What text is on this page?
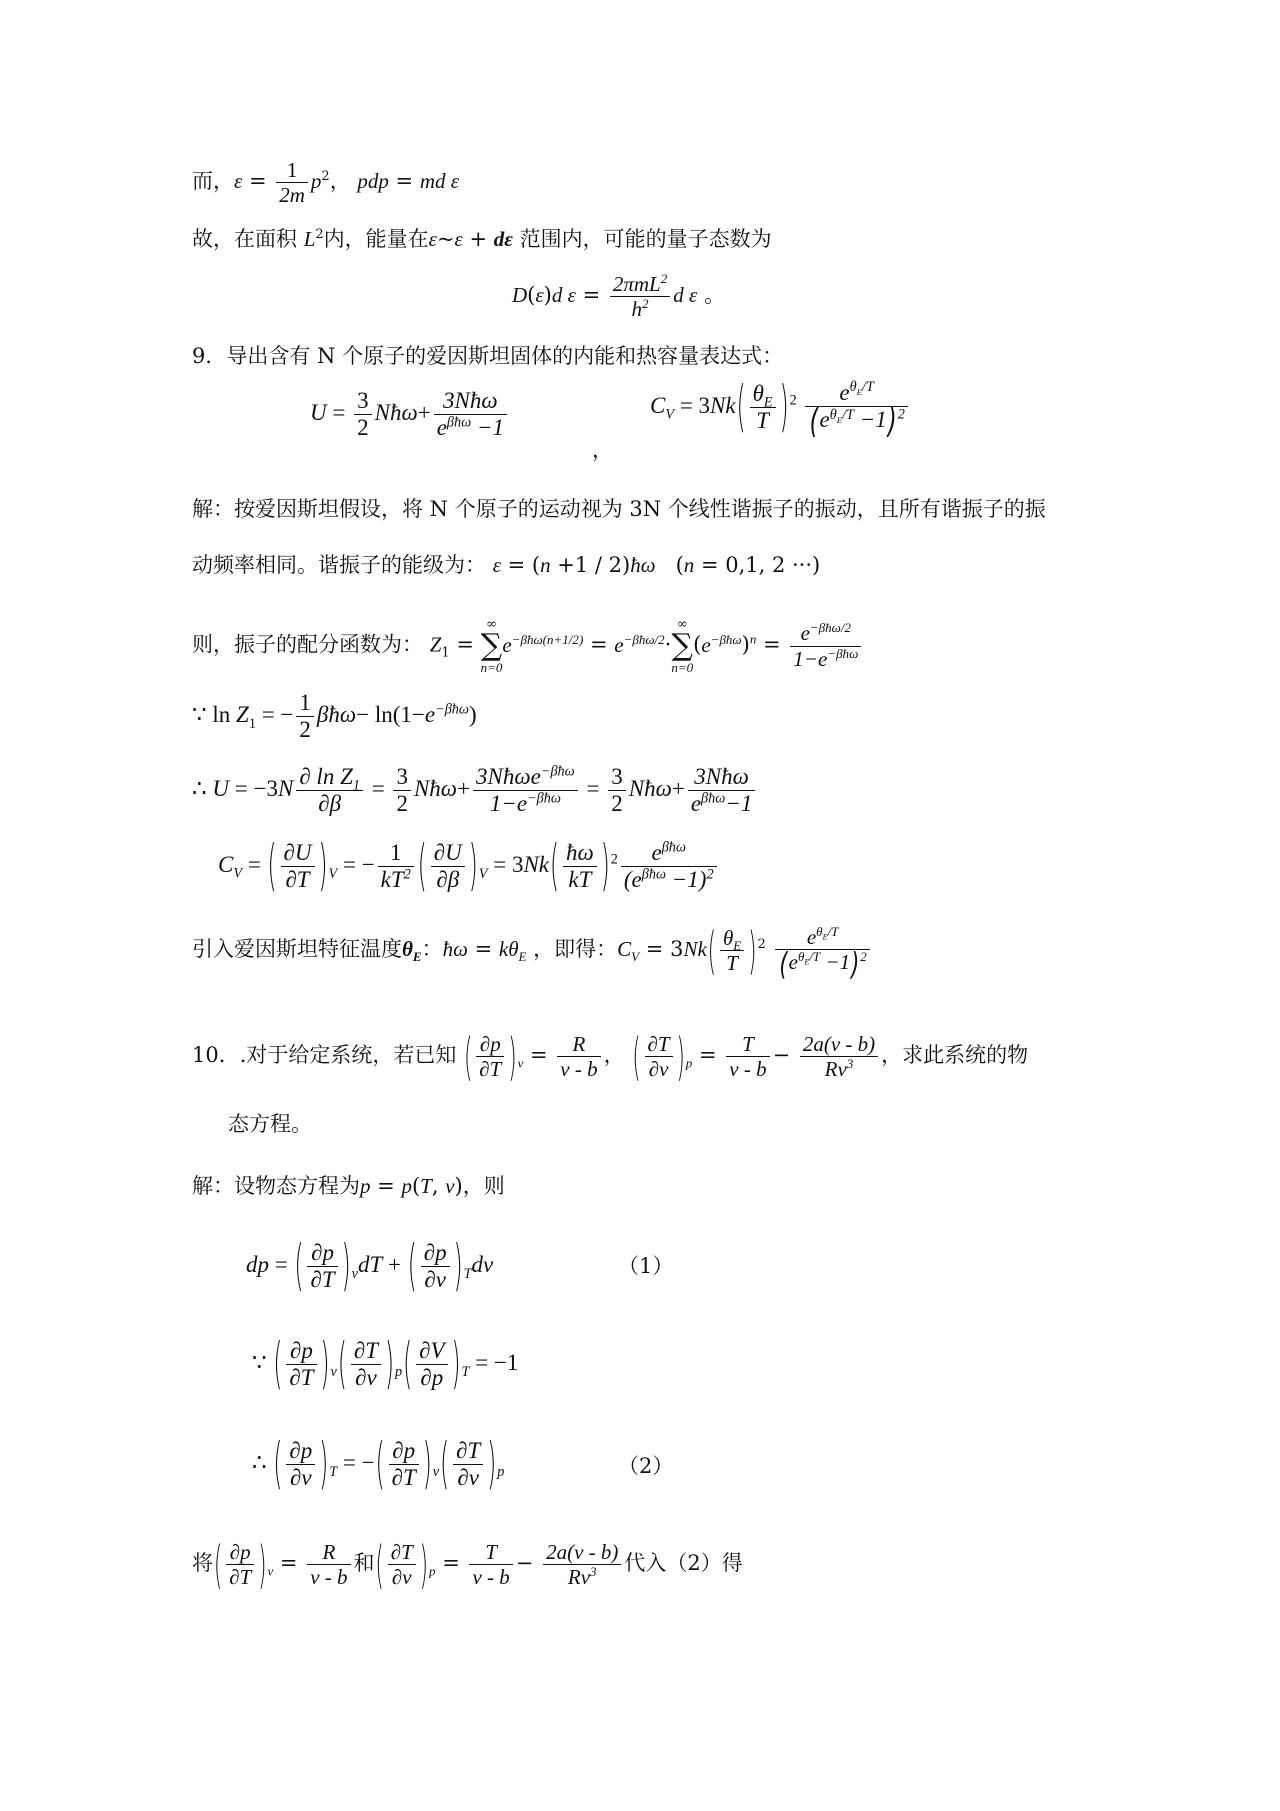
而，$\varepsilon = \frac{1}{2m} p^2$， pdp = md ε
故，在面积 $L^2$内，能量在ε~ε + dε 范围内，可能的量子态数为
D(ε)d $\varepsilon = \frac{2\pi mL^2}{h^2}$ d ε 。
9．导出含有 N 个原子的爱因斯坦固体的内能和热容量表达式：
$U = \frac{3}{2}$ Nħω+ $\frac{\text{3Nħω}}{e^{\beta ħ\omega} -1}$
，
$C_V = 3Nk( \frac{\theta_E}{T} )^2 \frac{e^{\theta_E/T}}{(e^{\theta_E/T} -1)^2}$
解：按爱因斯坦假设，将 N 个原子的运动视为 3N 个线性谐振子的振动，且所有谐振子的振
动频率相同。谐振子的能级为： ε = (n +1 / 2)ħω   (n = 0,1, 2 ···)
则，振子的配分函数为： $Z_1$ =
∞
∑
n=0
$e^{-\beta ħ\omega(n+1/2)} = e^{-\beta ħ\omega/2}\cdot$
∞
∑
n=0
$(e^{-\beta ħ\omega})^n = \frac{e^{-\beta ħ\omega/2}}{1-e^{-\beta ħ\omega}}$
∵ $\ln Z_1$ = − $\frac{1}{2}$ βħω− $\ln(1-e^{-\beta ħ\omega})$
∴ $U = -3N \frac{\partial \ln Z_1}{\partial\beta} = \frac{3}{2}$ Nħω+ $\frac{3Nħ\omega e^{-\beta ħ\omega}}{1-e^{-\beta ħ\omega}} = \frac{3}{2}$ Nħω+ $\frac{\text{3Nħω}}{e^{\beta ħ\omega}-1}$
$C_V$ = ( $\frac{\partial U}{\partial T} )_V$ = − $\frac{1}{kT^2}$ ( $\frac{\partial U}{\partial\beta} )_V = 3Nk( \frac{ħ\omega}{kT} )^2 \frac{e^{\beta ħ\omega}}{(e^{\beta ħ\omega} -1)^2}$
引入爱因斯坦特征温度$\theta_E$：ħω = $k\theta_E$ ，即得：$C_V = 3Nk( \frac{\theta_E}{T} )^2 \frac{e^{\theta_E/T}}{(e^{\theta_E/T} -1)^2}$
10．.对于给定系统，若已知 ( $\frac{\partial p}{\partial T} )_v = \frac{R}{v - b}$ ， ( $\frac{\partial T}{\partial v} )_p = \frac{T}{v - b} - \frac{2a(v - b)}{Rv^3}$ ，求此系统的物
态方程。
解：设物态方程为p = p(T, v)，则
dp = ( $\frac{\partial p}{\partial T} )_vdT$ + ( $\frac{\partial p}{\partial v} )_Tdv$	（1）
∵ ( $\frac{\partial p}{\partial T} )_v( \frac{\partial T}{\partial v} )_p( \frac{\partial V}{\partial p} )_T = -1$
∴ ( $\frac{\partial p}{\partial v} )_T$ = −( $\frac{\partial p}{\partial T} )_v( \frac{\partial T}{\partial v} )_p$	（2）
将( $\frac{\partial p}{\partial T} )_v = \frac{R}{v - b}$ 和( $\frac{\partial T}{\partial v} )_p = \frac{T}{v - b} - \frac{2a(v - b)}{Rv^3}$ 代入（2）得
